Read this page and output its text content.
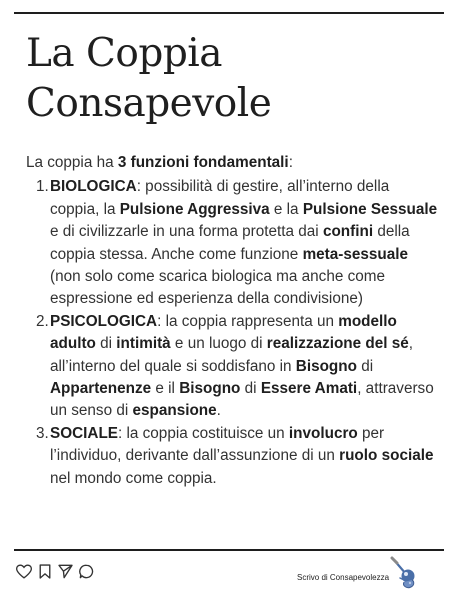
La Coppia
Consapevole

La coppia ha 3 funzioni fondamentali:

1. BIOLOGICA: possibilità di gestire, all’interno della coppia, la Pulsione Aggressiva e la Pulsione Sessuale e di civilizzarle in una forma protetta dai confini della coppia stessa. Anche come funzione meta-sessuale (non solo come scarica biologica ma anche come espressione ed esperienza della condivisione)
2. PSICOLOGICA: la coppia rappresenta un modello adulto di intimità e un luogo di realizzazione del sé, all’interno del quale si soddisfano in Bisogno di Appartenenze e il Bisogno di Essere Amati, attraverso un senso di espansione.
3. SOCIALE: la coppia costituisce un involucro per l’individuo, derivante dall’assunzione di un ruolo sociale nel mondo come coppia.
Scrivo di Consapevolezza
